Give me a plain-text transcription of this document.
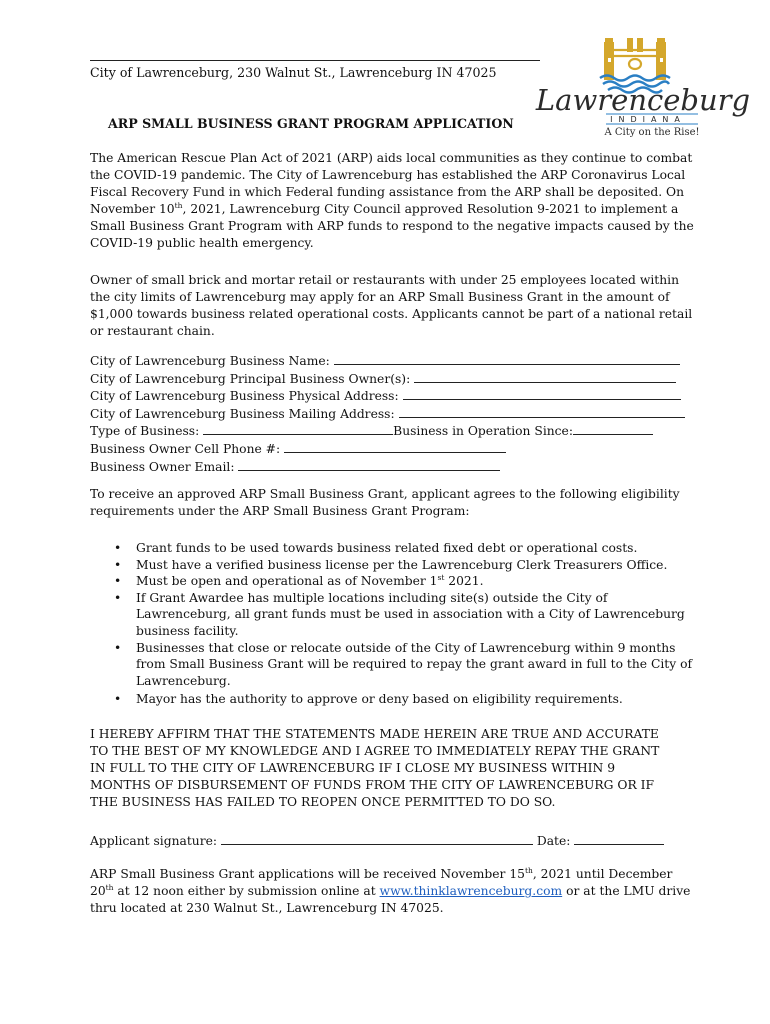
City of Lawrenceburg, 230 Walnut St., Lawrenceburg IN 47025
ARP SMALL BUSINESS GRANT PROGRAM APPLICATION
Lawrenceburg
INDIANA
A City on the Rise!
The American Rescue Plan Act of 2021 (ARP) aids local communities as they continue to combat
the COVID-19 pandemic. The City of Lawrenceburg has established the ARP Coronavirus Local
Fiscal Recovery Fund in which Federal funding assistance from the ARP shall be deposited. On
November 10th, 2021, Lawrenceburg City Council approved Resolution 9-2021 to implement a
Small Business Grant Program with ARP funds to respond to the negative impacts caused by the
COVID-19 public health emergency.
Owner of small brick and mortar retail or restaurants with under 25 employees located within
the city limits of Lawrenceburg may apply for an ARP Small Business Grant in the amount of
$1,000 towards business related operational costs. Applicants cannot be part of a national retail
or restaurant chain.
City of Lawrenceburg Business Name:
City of Lawrenceburg Principal Business Owner(s):
City of Lawrenceburg Business Physical Address:
City of Lawrenceburg Business Mailing Address:
Type of Business:	Business in Operation Since:
Business Owner Cell Phone #:
Business Owner Email:
To receive an approved ARP Small Business Grant, applicant agrees to the following eligibility
requirements under the ARP Small Business Grant Program:
• Grant funds to be used towards business related fixed debt or operational costs.
• Must have a verified business license per the Lawrenceburg Clerk Treasurers Office.
• Must be open and operational as of November 1st 2021.
• If Grant Awardee has multiple locations including site(s) outside the City of
Lawrenceburg, all grant funds must be used in association with a City of Lawrenceburg
business facility.
• Businesses that close or relocate outside of the City of Lawrenceburg within 9 months
from Small Business Grant will be required to repay the grant award in full to the City of
Lawrenceburg.
• Mayor has the authority to approve or deny based on eligibility requirements.
I HEREBY AFFIRM THAT THE STATEMENTS MADE HEREIN ARE TRUE AND ACCURATE
TO THE BEST OF MY KNOWLEDGE AND I AGREE TO IMMEDIATELY REPAY THE GRANT
IN FULL TO THE CITY OF LAWRENCEBURG IF I CLOSE MY BUSINESS WITHIN 9
MONTHS OF DISBURSEMENT OF FUNDS FROM THE CITY OF LAWRENCEBURG OR IF
THE BUSINESS HAS FAILED TO REOPEN ONCE PERMITTED TO DO SO.
Applicant signature:	Date:
ARP Small Business Grant applications will be received November 15th, 2021 until December
20th at 12 noon either by submission online at www.thinklawrenceburg.com or at the LMU drive
thru located at 230 Walnut St., Lawrenceburg IN 47025.
